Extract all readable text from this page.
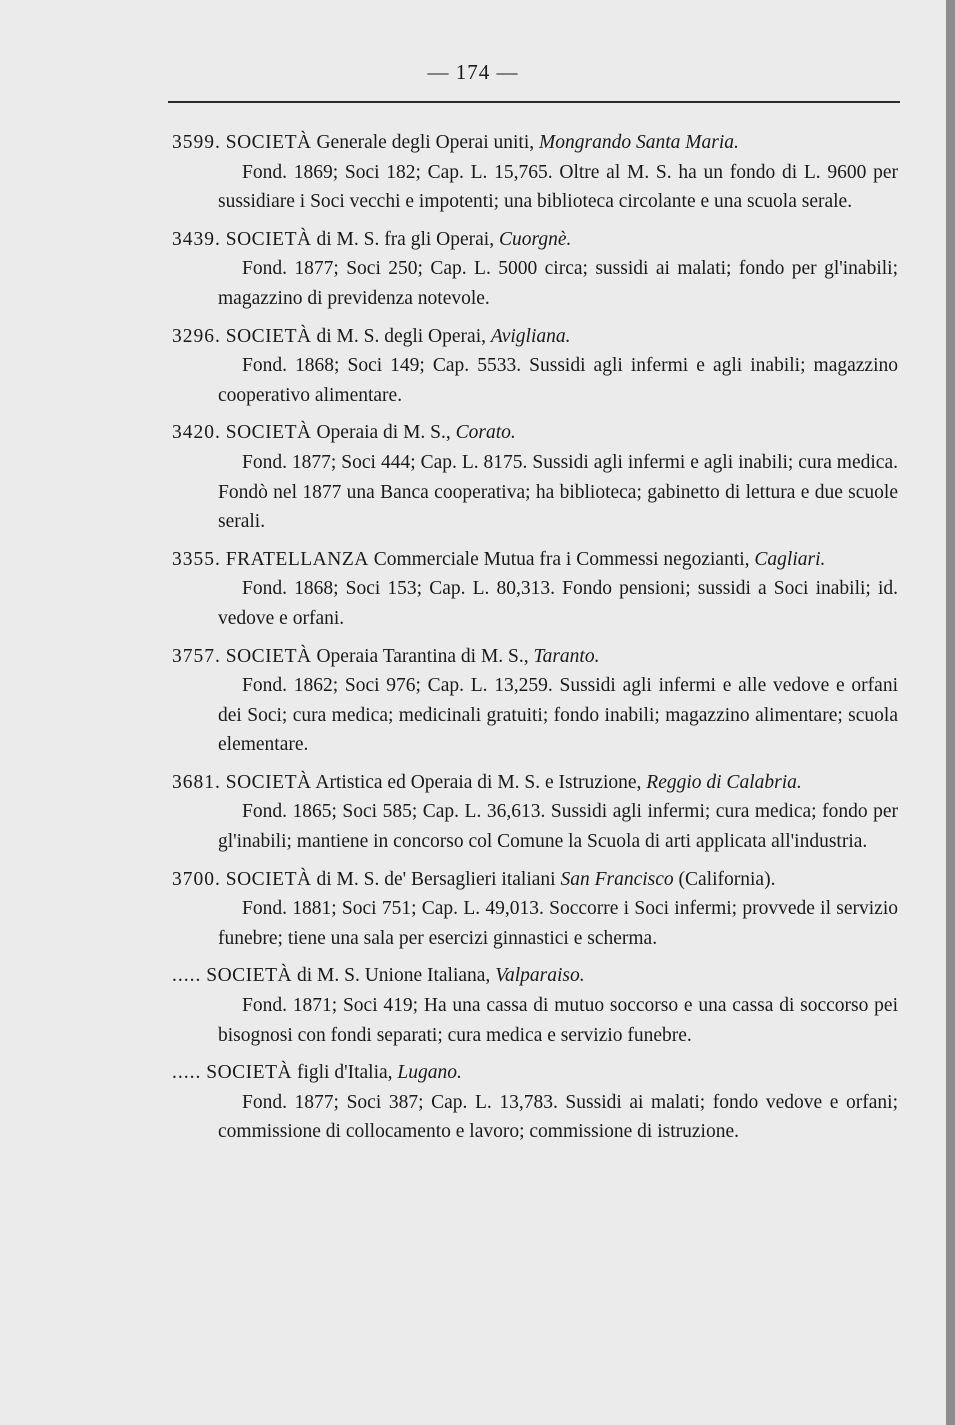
— 174 —

3599. SOCIETÀ Generale degli Operai uniti, Mongrando Santa Maria.

Fond. 1869; Soci 182; Cap. L. 15,765. Oltre al M. S. ha un fondo di L. 9600 per sussidiare i Soci vecchi e impotenti; una biblioteca circolante e una scuola serale.

3439. SOCIETÀ di M. S. fra gli Operai, Cuorgnè.

Fond. 1877; Soci 250; Cap. L. 5000 circa; sussidi ai malati; fondo per gl'inabili; magazzino di previdenza notevole.

3296. SOCIETÀ di M. S. degli Operai, Avigliana.

Fond. 1868; Soci 149; Cap. 5533. Sussidi agli infermi e agli inabili; magazzino cooperativo alimentare.

3420. SOCIETÀ Operaia di M. S., Corato.

Fond. 1877; Soci 444; Cap. L. 8175. Sussidi agli infermi e agli inabili; cura medica. Fondò nel 1877 una Banca cooperativa; ha biblioteca; gabinetto di lettura e due scuole serali.

3355. FRATELLANZA Commerciale Mutua fra i Commessi negozianti, Cagliari.

Fond. 1868; Soci 153; Cap. L. 80,313. Fondo pensioni; sussidi a Soci inabili; id. vedove e orfani.

3757. SOCIETÀ Operaia Tarantina di M. S., Taranto.

Fond. 1862; Soci 976; Cap. L. 13,259. Sussidi agli infermi e alle vedove e orfani dei Soci; cura medica; medicinali gratuiti; fondo inabili; magazzino alimentare; scuola elementare.

3681. SOCIETÀ Artistica ed Operaia di M. S. e Istruzione, Reggio di Calabria.

Fond. 1865; Soci 585; Cap. L. 36,613. Sussidi agli infermi; cura medica; fondo per gl'inabili; mantiene in concorso col Comune la Scuola di arti applicata all'industria.

3700. SOCIETÀ di M. S. de' Bersaglieri italiani San Francisco (California).

Fond. 1881; Soci 751; Cap. L. 49,013. Soccorre i Soci infermi; provvede il servizio funebre; tiene una sala per esercizi ginnastici e scherma.

..... SOCIETÀ di M. S. Unione Italiana, Valparaiso.

Fond. 1871; Soci 419; Ha una cassa di mutuo soccorso e una cassa di soccorso pei bisognosi con fondi separati; cura medica e servizio funebre.

..... SOCIETÀ figli d'Italia, Lugano.

Fond. 1877; Soci 387; Cap. L. 13,783. Sussidi ai malati; fondo vedove e orfani; commissione di collocamento e lavoro; commissione di istruzione.
